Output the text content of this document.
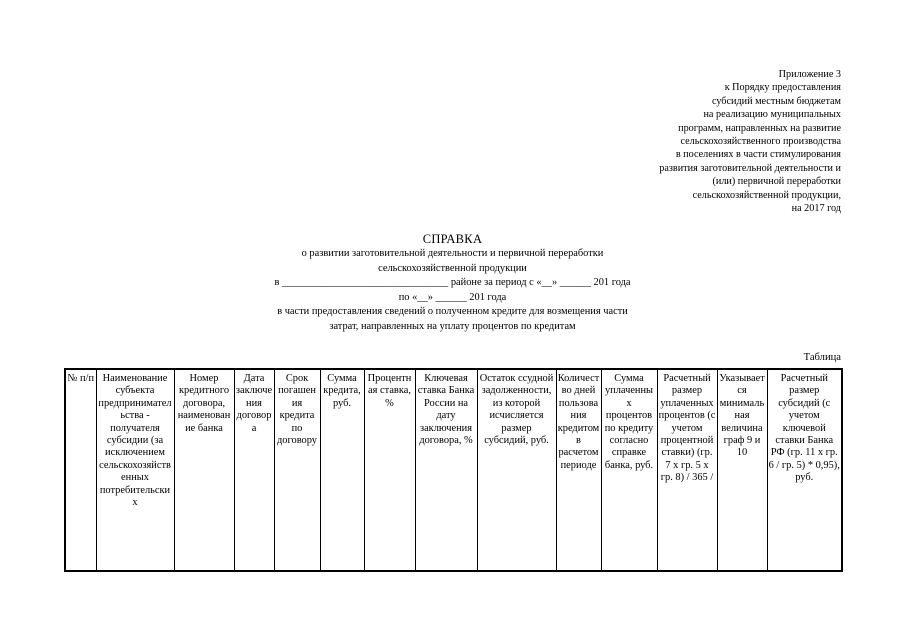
Приложение 3
к Порядку предоставления
субсидий местным бюджетам
на реализацию муниципальных
программ, направленных на развитие
сельскохозяйственного производства
в поселениях в части стимулирования
развития заготовительной деятельности и
(или) первичной переработки
сельскохозяйственной продукции,
на 2017 год
СПРАВКА
о развитии заготовительной деятельности и первичной переработки
сельскохозяйственной продукции
в ________________________________ районе за период с «__» ______ 201 года
по «__» ______ 201 года
в части предоставления сведений о полученном кредите для возмещения части
затрат, направленных на уплату процентов по кредитам
Таблица
№ п/п	Наименование субъекта предпринимательства - получателя субсидии (за исключением сельскохозяйственных потребительских	Номер кредитного договора, наименование банка	Дата заключения договора	Срок погашения кредита по договору	Сумма кредита, руб.	Процентная ставка, %	Ключевая ставка Банка России на дату заключения договора, %	Остаток ссудной задолженности, из которой исчисляется размер субсидий, руб.	Количество дней пользования кредитом в расчетом периоде	Сумма уплаченных процентов по кредиту согласно справке банка, руб.	Расчетный размер уплаченных процентов (с учетом процентной ставки) (гр. 7 х гр. 5 х гр. 8) / 365 /	Указывается минимальная величина граф 9 и 10	Расчетный размер субсидий (с учетом ключевой ставки Банка РФ (гр. 11 х гр. 6 / гр. 5) * 0,95), руб.
